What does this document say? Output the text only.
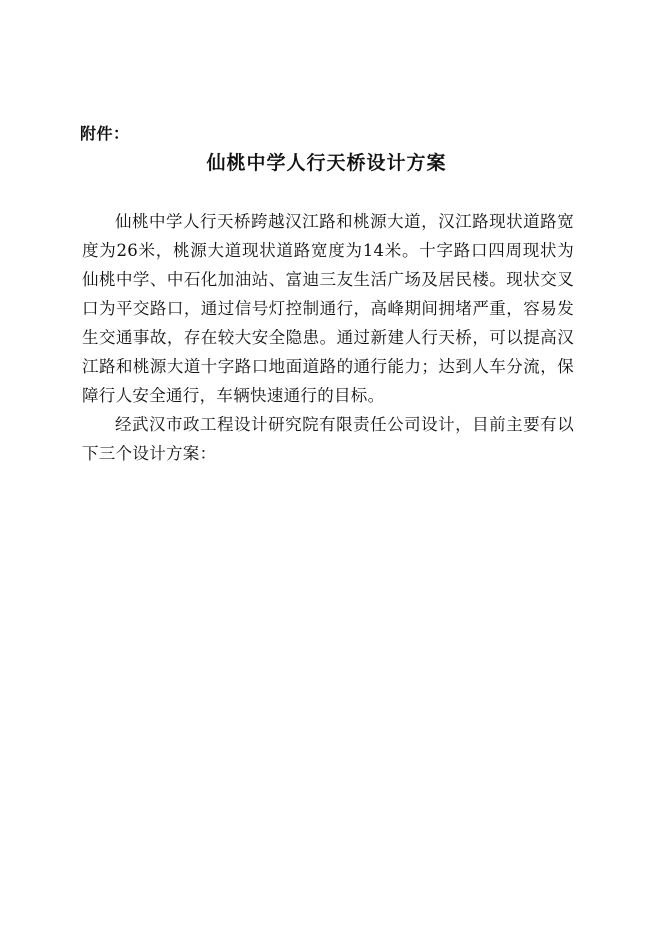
附件：
仙桃中学人行天桥设计方案

仙桃中学人行天桥跨越汉江路和桃源大道，汉江路现状道路宽度为26米，桃源大道现状道路宽度为14米。十字路口四周现状为仙桃中学、中石化加油站、富迪三友生活广场及居民楼。现状交叉口为平交路口，通过信号灯控制通行，高峰期间拥堵严重，容易发生交通事故，存在较大安全隐患。通过新建人行天桥，可以提高汉江路和桃源大道十字路口地面道路的通行能力；达到人车分流，保障行人安全通行，车辆快速通行的目标。

经武汉市政工程设计研究院有限责任公司设计，目前主要有以下三个设计方案：
